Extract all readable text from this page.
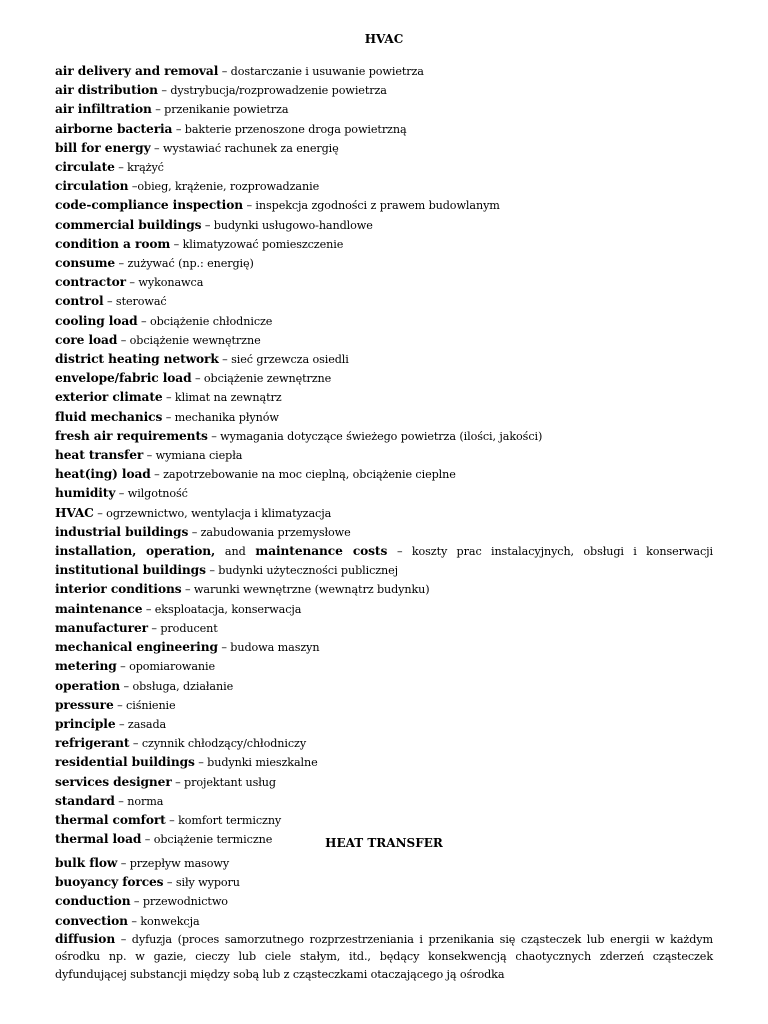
HVAC
air delivery and removal – dostarczanie i usuwanie powietrza
air distribution – dystrybucja/rozprowadzenie powietrza
air infiltration – przenikanie powietrza
airborne bacteria – bakterie przenoszone droga powietrzną
bill for energy – wystawiać rachunek za energię
circulate – krążyć
circulation –obieg, krążenie, rozprowadzanie
code-compliance inspection – inspekcja zgodności z prawem budowlanym
commercial buildings – budynki usługowo-handlowe
condition a room – klimatyzować pomieszczenie
consume – zużywać (np.: energię)
contractor – wykonawca
control – sterować
cooling load – obciążenie chłodnicze
core load – obciążenie wewnętrzne
district heating network – sieć grzewcza osiedli
envelope/fabric load – obciążenie zewnętrzne
exterior climate – klimat na zewnątrz
fluid mechanics – mechanika płynów
fresh air requirements – wymagania dotyczące świeżego powietrza (ilości, jakości)
heat transfer – wymiana ciepła
heat(ing) load – zapotrzebowanie na moc cieplną, obciążenie cieplne
humidity – wilgotność
HVAC – ogrzewnictwo, wentylacja i klimatyzacja
industrial buildings – zabudowania przemysłowe
installation, operation, and maintenance costs – koszty prac instalacyjnych, obsługi i konserwacji
institutional buildings – budynki użyteczności publicznej
interior conditions – warunki wewnętrzne (wewnątrz budynku)
maintenance – eksploatacja, konserwacja
manufacturer – producent
mechanical engineering – budowa maszyn
metering – opomiarowanie
operation – obsługa, działanie
pressure – ciśnienie
principle – zasada
refrigerant – czynnik chłodzący/chłodniczy
residential buildings – budynki mieszkalne
services designer – projektant usług
standard – norma
thermal comfort – komfort termiczny
thermal load – obciążenie termiczne	HEAT TRANSFER
bulk flow – przepływ masowy
buoyancy forces – siły wyporu
conduction – przewodnictwo
convection – konwekcja
diffusion – dyfuzja (proces samorzutnego rozprzestrzeniania i przenikania się cząsteczek lub energii w każdym
ośrodku np. w gazie, cieczy lub ciele stałym, itd., będący konsekwencją chaotycznych zderzeń cząsteczek
dyfundującej substancji między sobą lub z cząsteczkami otaczającego ją ośrodka
